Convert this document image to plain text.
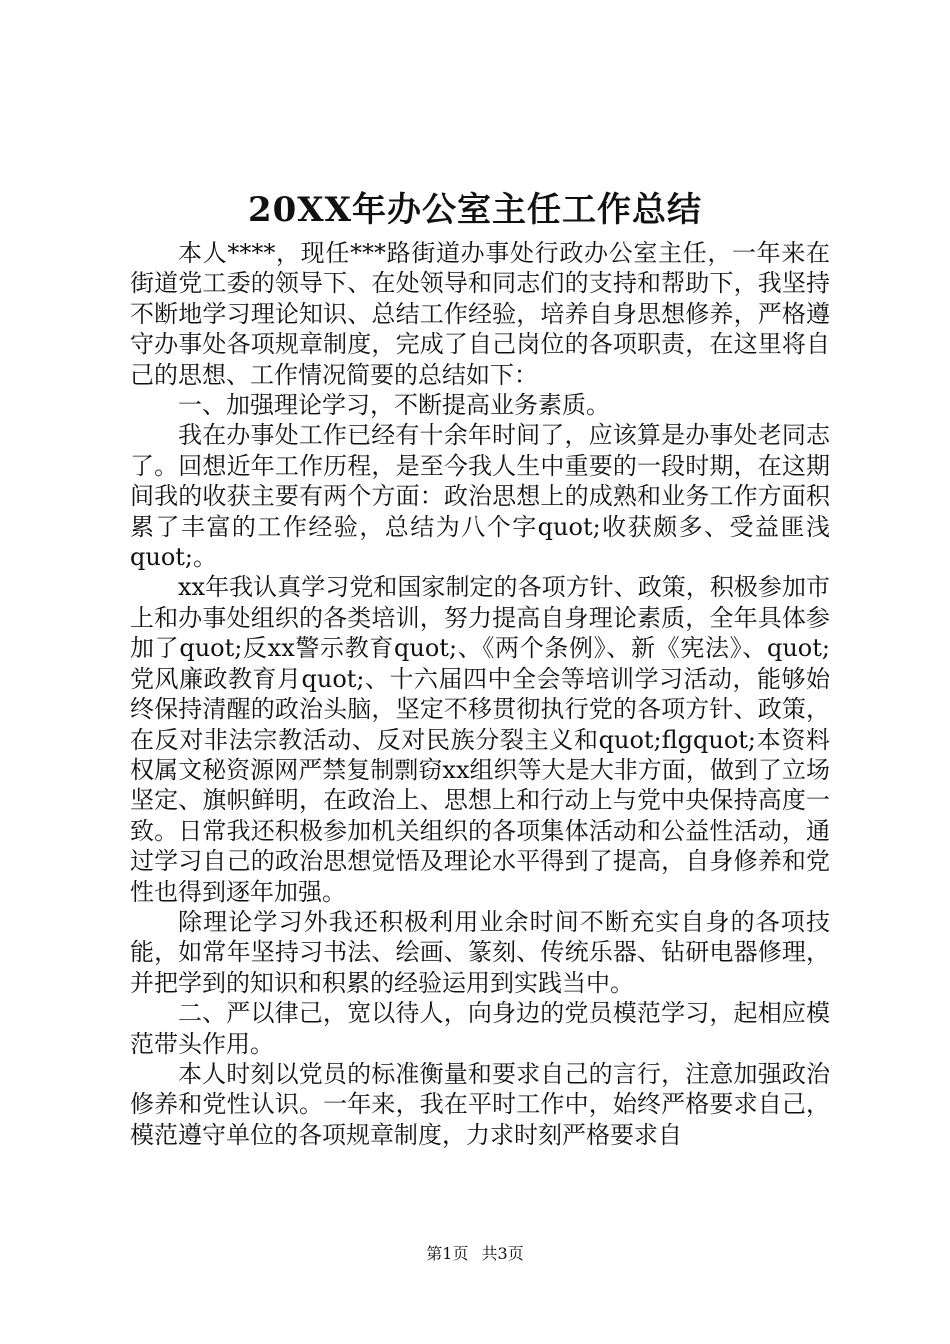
20XX年办公室主任工作总结

本人****，现任***路街道办事处行政办公室主任，一年来在街道党工委的领导下、在处领导和同志们的支持和帮助下，我坚持不断地学习理论知识、总结工作经验，培养自身思想修养，严格遵守办事处各项规章制度，完成了自己岗位的各项职责，在这里将自己的思想、工作情况简要的总结如下：

一、加强理论学习，不断提高业务素质。

我在办事处工作已经有十余年时间了，应该算是办事处老同志了。回想近年工作历程，是至今我人生中重要的一段时期，在这期间我的收获主要有两个方面：政治思想上的成熟和业务工作方面积累了丰富的工作经验，总结为八个字quot;收获颇多、受益匪浅quot;。

xx年我认真学习党和国家制定的各项方针、政策，积极参加市上和办事处组织的各类培训，努力提高自身理论素质，全年具体参加了quot;反xx警示教育quot;、《两个条例》、新《宪法》、quot;党风廉政教育月quot;、十六届四中全会等培训学习活动，能够始终保持清醒的政治头脑，坚定不移贯彻执行党的各项方针、政策，在反对非法宗教活动、反对民族分裂主义和quot;flgquot;本资料权属文秘资源网严禁复制剽窃xx组织等大是大非方面，做到了立场坚定、旗帜鲜明，在政治上、思想上和行动上与党中央保持高度一致。日常我还积极参加机关组织的各项集体活动和公益性活动，通过学习自己的政治思想觉悟及理论水平得到了提高，自身修养和党性也得到逐年加强。

除理论学习外我还积极利用业余时间不断充实自身的各项技能，如常年坚持习书法、绘画、篆刻、传统乐器、钻研电器修理，并把学到的知识和积累的经验运用到实践当中。

二、严以律己，宽以待人，向身边的党员模范学习，起相应模范带头作用。

本人时刻以党员的标准衡量和要求自己的言行，注意加强政治修养和党性认识。一年来，我在平时工作中，始终严格要求自己，模范遵守单位的各项规章制度，力求时刻严格要求自

第1页 共3页
